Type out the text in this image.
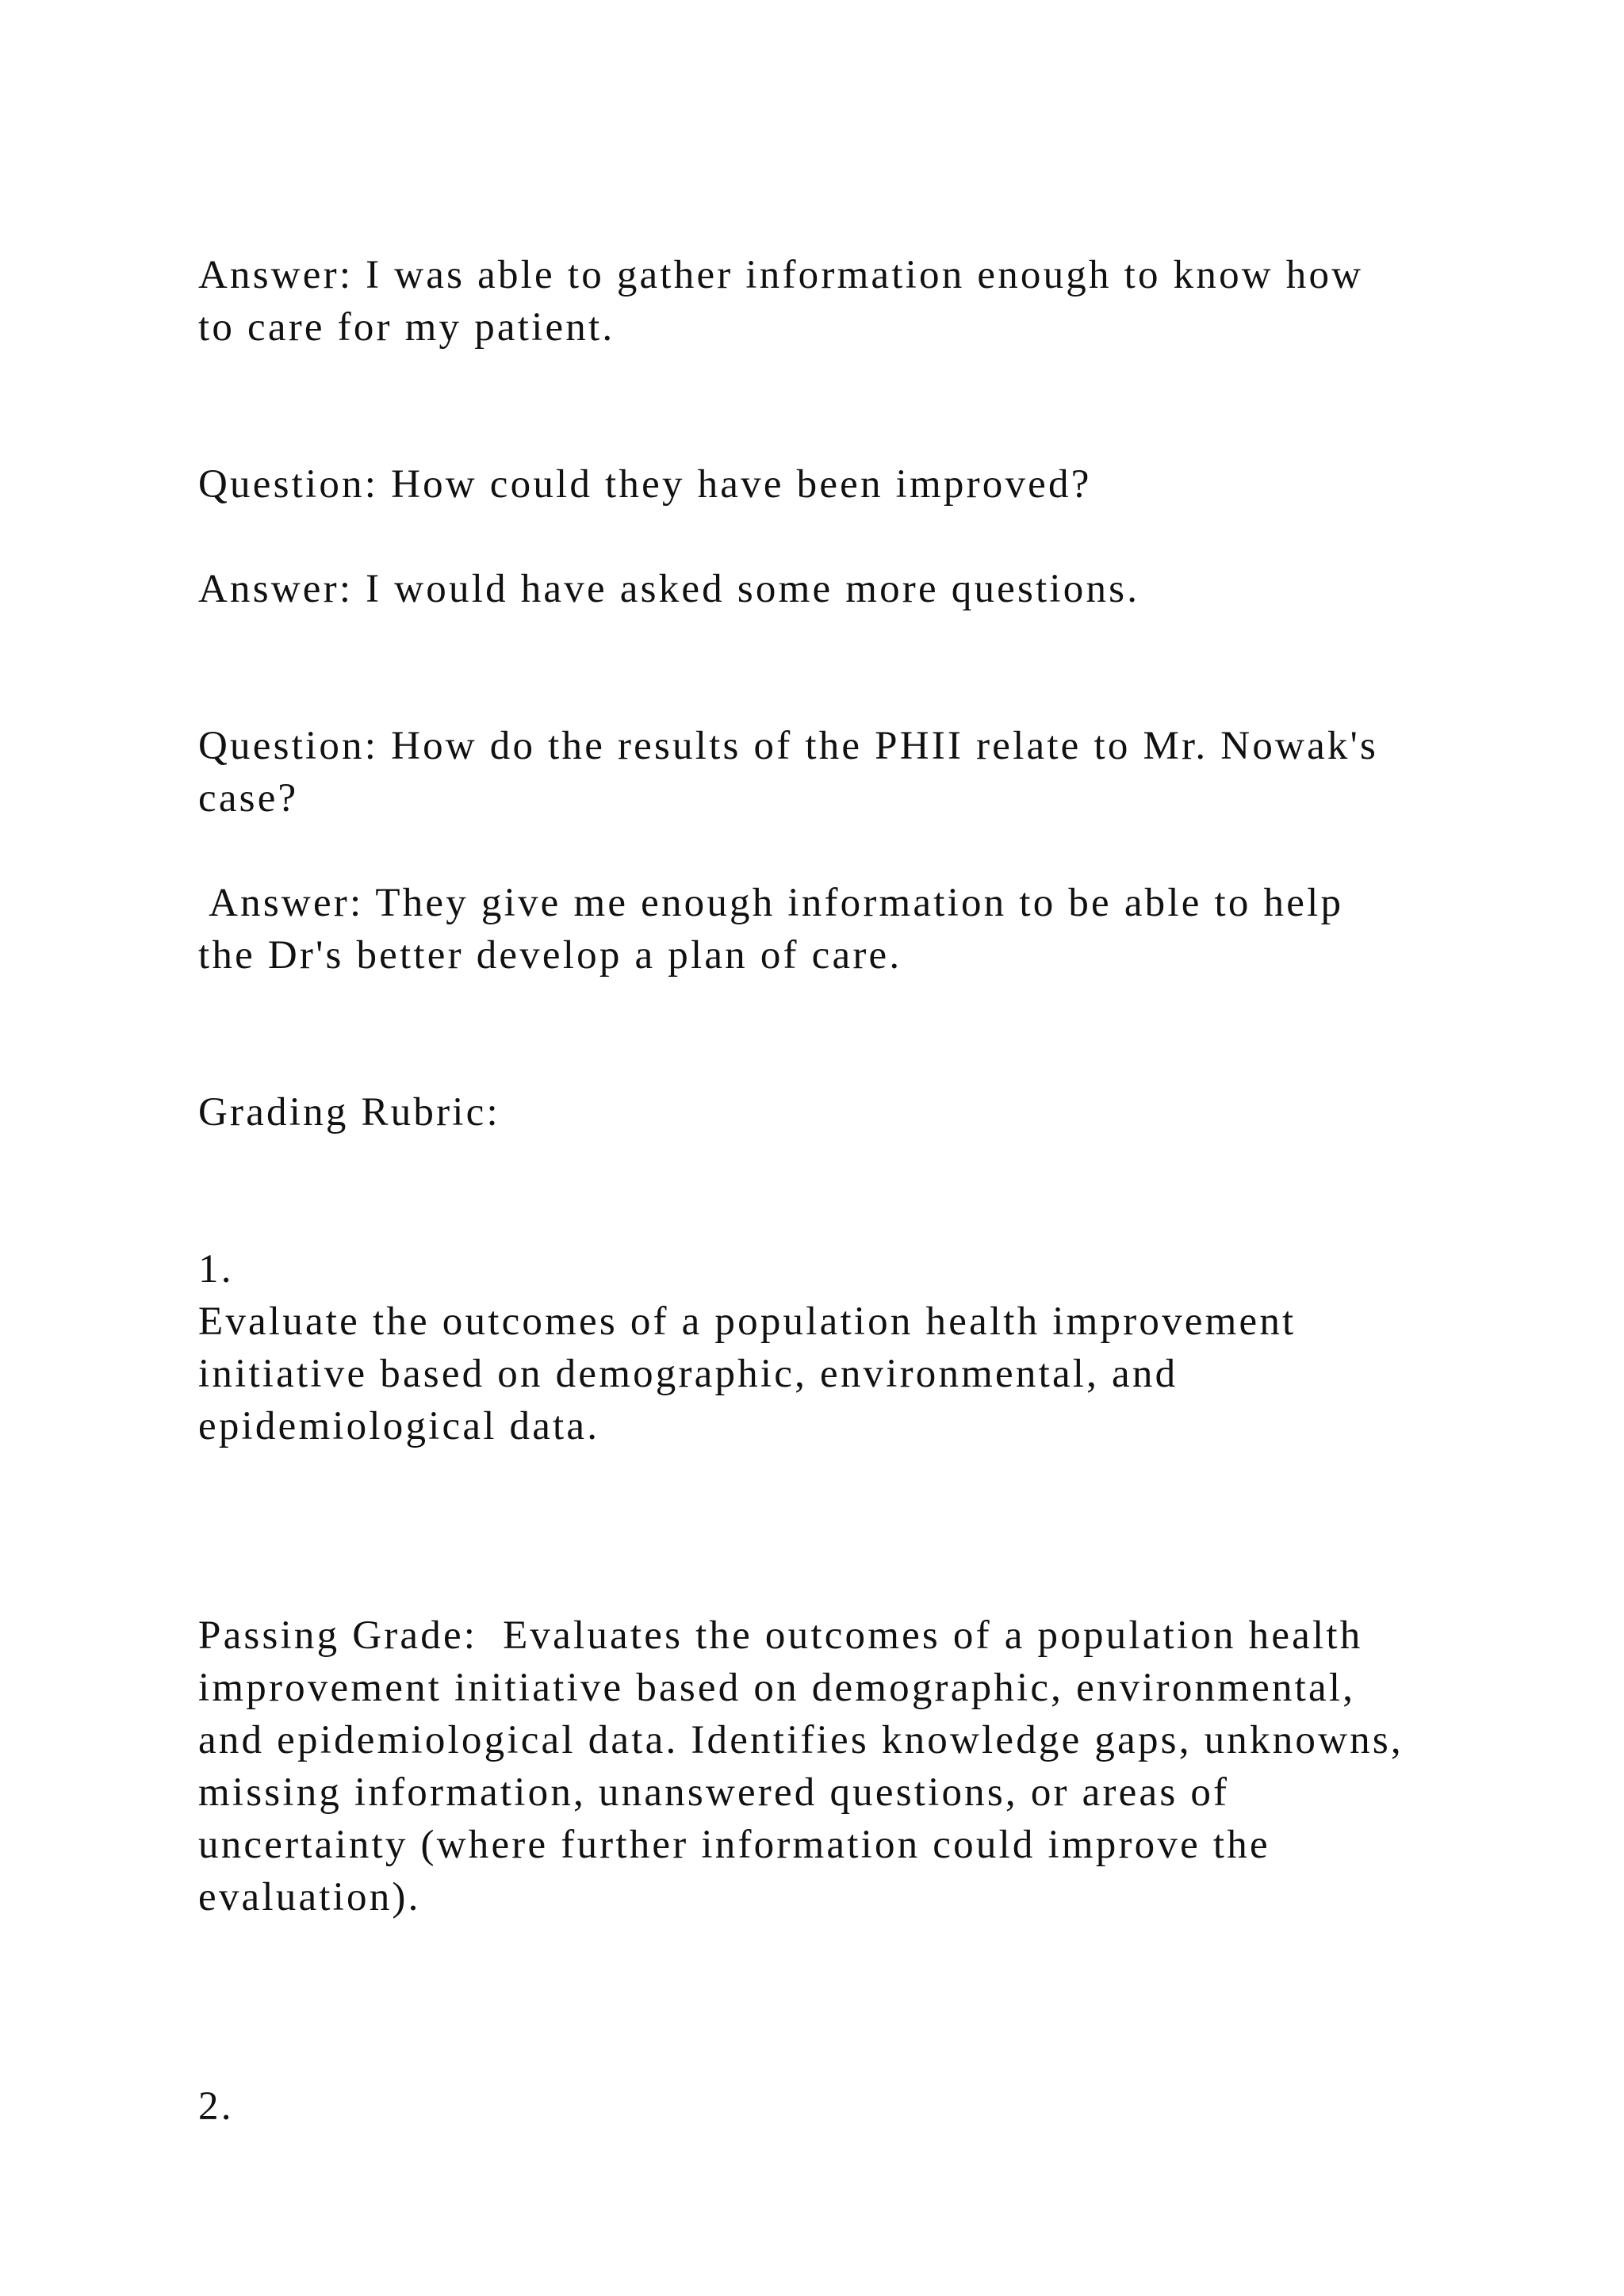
Answer: I was able to gather information enough to know how

to care for my patient.

Question: How could they have been improved?

Answer: I would have asked some more questions.

Question: How do the results of the PHII relate to Mr. Nowak's

case?

Answer: They give me enough information to be able to help

the Dr's better develop a plan of care.

Grading Rubric:

1.

Evaluate the outcomes of a population health improvement

initiative based on demographic, environmental, and

epidemiological data.

Passing Grade:  Evaluates the outcomes of a population health

improvement initiative based on demographic, environmental,

and epidemiological data. Identifies knowledge gaps, unknowns,

missing information, unanswered questions, or areas of

uncertainty (where further information could improve the

evaluation).

2.
